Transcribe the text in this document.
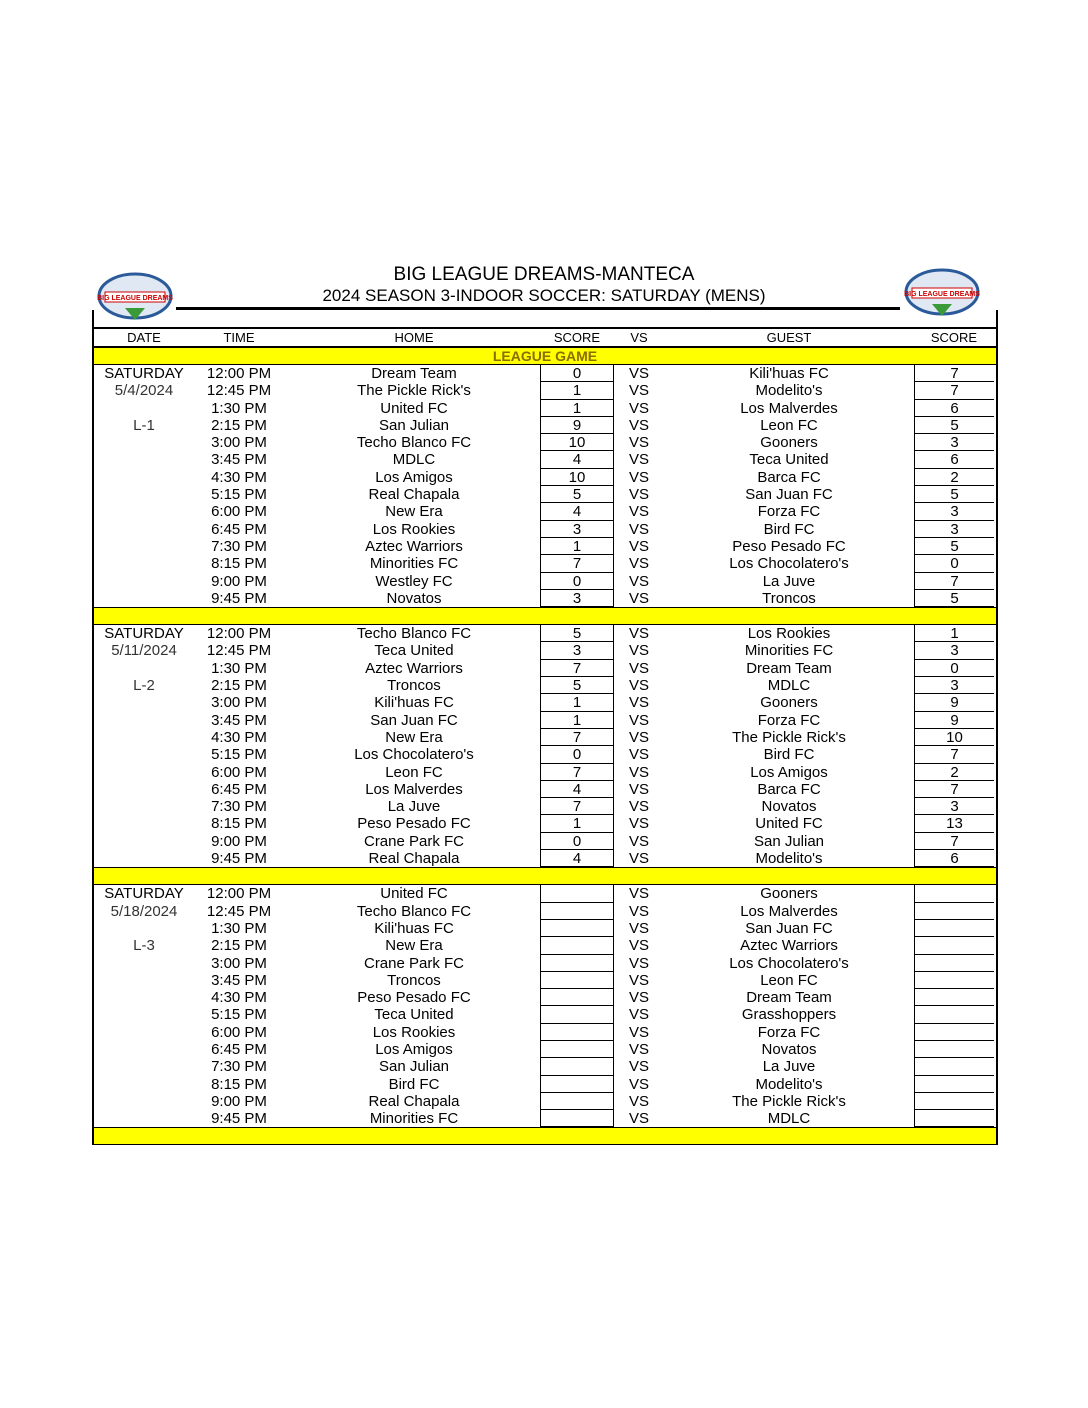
BIG LEAGUE DREAMS
BIG LEAGUE DREAMS
BIG LEAGUE DREAMS-MANTECA
2024 SEASON 3-INDOOR SOCCER: SATURDAY (MENS)
DATE	TIME	HOME	SCORE	VS	GUEST	SCORE
LEAGUE GAME
SATURDAY	12:00 PM	Dream Team	0	VS	Kili'huas FC	7
5/4/2024	12:45 PM	The Pickle Rick's	1	VS	Modelito's	7
1:30 PM	United FC	1	VS	Los Malverdes	6
L-1	2:15 PM	San Julian	9	VS	Leon FC	5
3:00 PM	Techo Blanco FC	10	VS	Gooners	3
3:45 PM	MDLC	4	VS	Teca United	6
4:30 PM	Los Amigos	10	VS	Barca FC	2
5:15 PM	Real Chapala	5	VS	San Juan FC	5
6:00 PM	New Era	4	VS	Forza FC	3
6:45 PM	Los Rookies	3	VS	Bird FC	3
7:30 PM	Aztec Warriors	1	VS	Peso Pesado FC	5
8:15 PM	Minorities FC	7	VS	Los Chocolatero's	0
9:00 PM	Westley FC	0	VS	La Juve	7
9:45 PM	Novatos	3	VS	Troncos	5
SATURDAY	12:00 PM	Techo Blanco FC	5	VS	Los Rookies	1
5/11/2024	12:45 PM	Teca United	3	VS	Minorities FC	3
1:30 PM	Aztec Warriors	7	VS	Dream Team	0
L-2	2:15 PM	Troncos	5	VS	MDLC	3
3:00 PM	Kili'huas FC	1	VS	Gooners	9
3:45 PM	San Juan FC	1	VS	Forza FC	9
4:30 PM	New Era	7	VS	The Pickle Rick's	10
5:15 PM	Los Chocolatero's	0	VS	Bird FC	7
6:00 PM	Leon FC	7	VS	Los Amigos	2
6:45 PM	Los Malverdes	4	VS	Barca FC	7
7:30 PM	La Juve	7	VS	Novatos	3
8:15 PM	Peso Pesado FC	1	VS	United FC	13
9:00 PM	Crane Park FC	0	VS	San Julian	7
9:45 PM	Real Chapala	4	VS	Modelito's	6
SATURDAY	12:00 PM	United FC	VS	Gooners
5/18/2024	12:45 PM	Techo Blanco FC	VS	Los Malverdes
1:30 PM	Kili'huas FC	VS	San Juan FC
L-3	2:15 PM	New Era	VS	Aztec Warriors
3:00 PM	Crane Park FC	VS	Los Chocolatero's
3:45 PM	Troncos	VS	Leon FC
4:30 PM	Peso Pesado FC	VS	Dream Team
5:15 PM	Teca United	VS	Grasshoppers
6:00 PM	Los Rookies	VS	Forza FC
6:45 PM	Los Amigos	VS	Novatos
7:30 PM	San Julian	VS	La Juve
8:15 PM	Bird FC	VS	Modelito's
9:00 PM	Real Chapala	VS	The Pickle Rick's
9:45 PM	Minorities FC	VS	MDLC
